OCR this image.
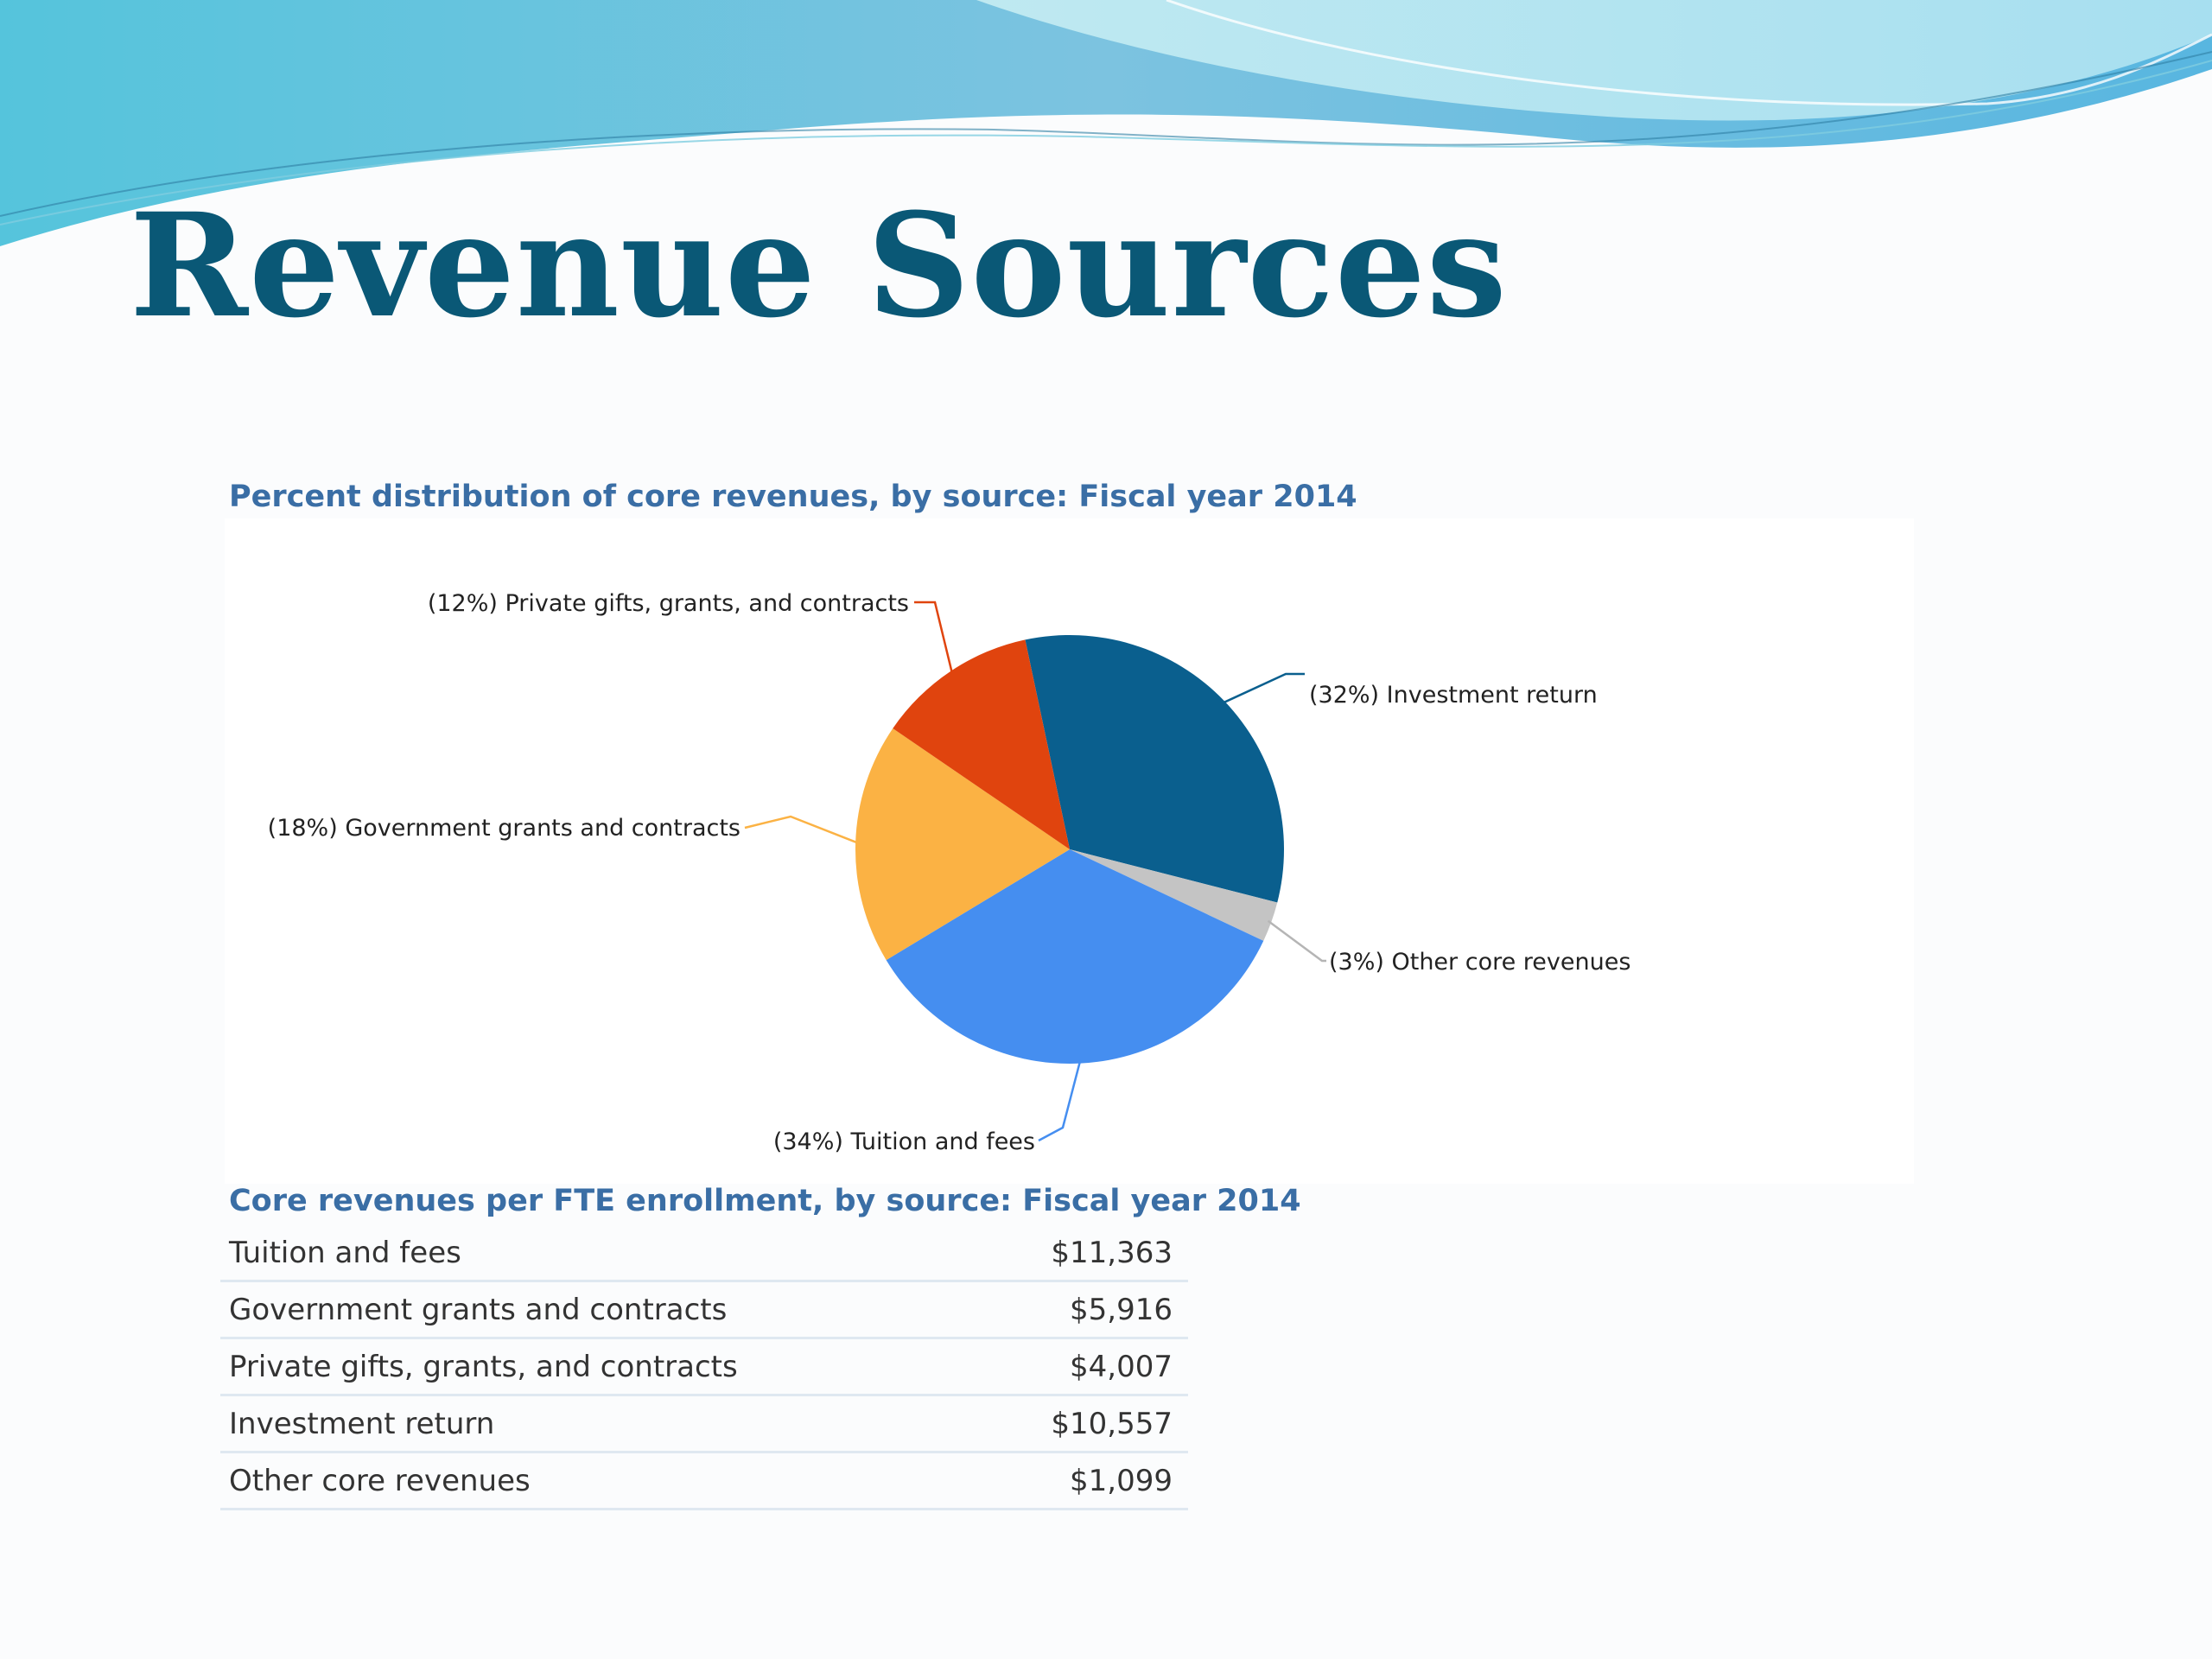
Revenue Sources
Percent distribution of core revenues, by source: Fiscal year 2014
(32%) Investment return
(3%) Other core revenues
(34%) Tuition and fees
(18%) Government grants and contracts
(12%) Private gifts, grants, and contracts
Core revenues per FTE enrollment, by source: Fiscal year 2014
Tuition and fees	$11,363
Government grants and contracts	$5,916
Private gifts, grants, and contracts	$4,007
Investment return	$10,557
Other core revenues	$1,099
